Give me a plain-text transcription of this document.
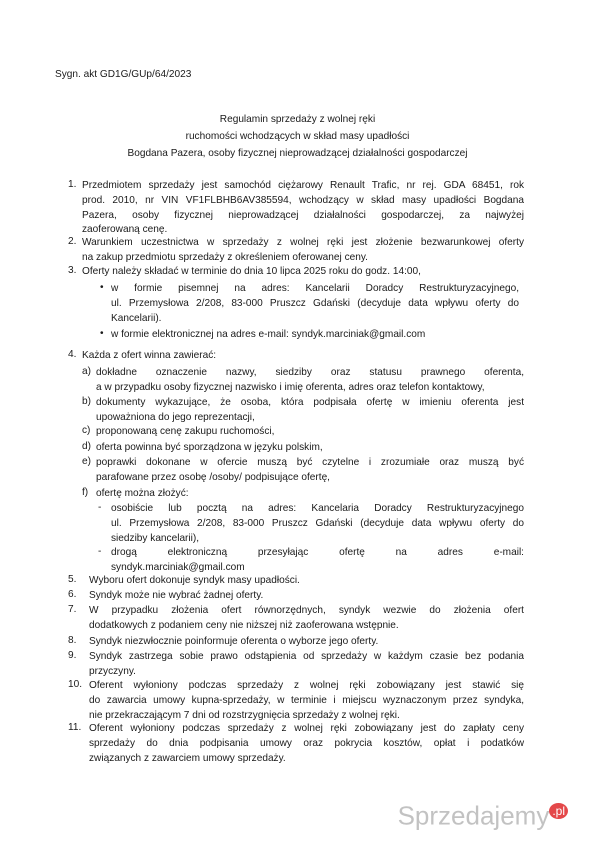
Sygn. akt GD1G/GUp/64/2023
Regulamin sprzedaży z wolnej ręki
ruchomości wchodzących w skład masy upadłości
Bogdana Pazera, osoby fizycznej nieprowadzącej działalności gospodarczej
1. Przedmiotem sprzedaży jest samochód ciężarowy Renault Trafic, nr rej. GDA 68451, rok
prod. 2010, nr VIN VF1FLBHB6AV385594, wchodzący w skład masy upadłości Bogdana
Pazera, osoby fizycznej nieprowadzącej działalności gospodarczej, za najwyżej
zaoferowaną cenę.
2. Warunkiem uczestnictwa w sprzedaży z wolnej ręki jest złożenie bezwarunkowej oferty
na zakup przedmiotu sprzedaży z określeniem oferowanej ceny.
3. Oferty należy składać w terminie do dnia 10 lipca 2025 roku do godz. 14:00,
• w formie pisemnej na adres: Kancelarii Doradcy Restrukturyzacyjnego,
ul. Przemysłowa 2/208, 83-000 Pruszcz Gdański (decyduje data wpływu oferty do
Kancelarii).
• w formie elektronicznej na adres e-mail: syndyk.marciniak@gmail.com
4. Każda z ofert winna zawierać:
a) dokładne oznaczenie nazwy, siedziby oraz statusu prawnego oferenta,
a w przypadku osoby fizycznej nazwisko i imię oferenta, adres oraz telefon kontaktowy,
b) dokumenty wykazujące, że osoba, która podpisała ofertę w imieniu oferenta jest
upoważniona do jego reprezentacji,
c) proponowaną cenę zakupu ruchomości,
d) oferta powinna być sporządzona w języku polskim,
e) poprawki dokonane w ofercie muszą być czytelne i zrozumiałe oraz muszą być
parafowane przez osobę /osoby/ podpisujące ofertę,
f) ofertę można złożyć:
- osobiście lub pocztą na adres: Kancelaria Doradcy Restrukturyzacyjnego
ul. Przemysłowa 2/208, 83-000 Pruszcz Gdański (decyduje data wpływu oferty do
siedziby kancelarii),
- drogą elektroniczną przesyłając ofertę na adres e-mail:
syndyk.marciniak@gmail.com
5. Wyboru ofert dokonuje syndyk masy upadłości.
6. Syndyk może nie wybrać żadnej oferty.
7. W przypadku złożenia ofert równorzędnych, syndyk wezwie do złożenia ofert
dodatkowych z podaniem ceny nie niższej niż zaoferowana wstępnie.
8. Syndyk niezwłocznie poinformuje oferenta o wyborze jego oferty.
9. Syndyk zastrzega sobie prawo odstąpienia od sprzedaży w każdym czasie bez podania
przyczyny.
10. Oferent wyłoniony podczas sprzedaży z wolnej ręki zobowiązany jest stawić się
do zawarcia umowy kupna-sprzedaży, w terminie i miejscu wyznaczonym przez syndyka,
nie przekraczającym 7 dni od rozstrzygnięcia sprzedaży z wolnej ręki.
11. Oferent wyłoniony podczas sprzedaży z wolnej ręki zobowiązany jest do zapłaty ceny
sprzedaży do dnia podpisania umowy oraz pokrycia kosztów, opłat i podatków
związanych z zawarciem umowy sprzedaży.
Sprzedajemy $^{.pl}$
